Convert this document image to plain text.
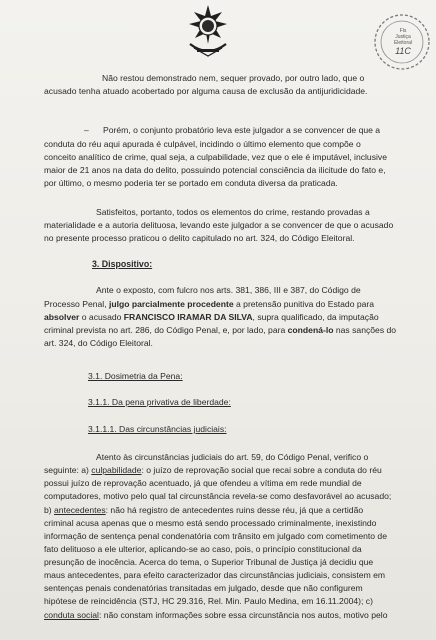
Fls
Justiça
Eleitoral
11C
Não restou demonstrado nem, sequer provado, por outro lado, que o
acusado tenha atuado acobertado por alguma causa de exclusão da antijuridicidade.
– Porém, o conjunto probatório leva este julgador a se convencer de que a
conduta do réu aqui apurada é culpável, incidindo o último elemento que compõe o
conceito analítico de crime, qual seja, a culpabilidade, vez que o ele é imputável, inclusive
maior de 21 anos na data do delito, possuindo potencial consciência da ilicitude do fato e,
por último, o mesmo poderia ter se portado em conduta diversa da praticada.
Satisfeitos, portanto, todos os elementos do crime, restando provadas a
materialidade e a autoria delituosa, levando este julgador a se convencer de que o acusado
no presente processo praticou o delito capitulado no art. 324, do Código Eleitoral.
3. Dispositivo:
Ante o exposto, com fulcro nos arts. 381, 386, III e 387, do Código de
Processo Penal, julgo parcialmente procedente a pretensão punitiva do Estado para
absolver o acusado FRANCISCO IRAMAR DA SILVA, supra qualificado, da imputação
criminal prevista no art. 286, do Código Penal, e, por lado, para condená-lo nas sanções do
art. 324, do Código Eleitoral.
3.1. Dosimetria da Pena:
3.1.1. Da pena privativa de liberdade:
3.1.1.1. Das circunstâncias judiciais:
Atento às circunstâncias judiciais do art. 59, do Código Penal, verifico o
seguinte: a) culpabilidade: o juízo de reprovação social que recai sobre a conduta do réu
possui juízo de reprovação acentuado, já que ofendeu a vítima em rede mundial de
computadores, motivo pelo qual tal circunstância revela-se como desfavorável ao acusado;
b) antecedentes: não há registro de antecedentes ruins desse réu, já que a certidão
criminal acusa apenas que o mesmo está sendo processado criminalmente, inexistindo
informação de sentença penal condenatória com trânsito em julgado com cometimento de
fato delituoso a ele ulterior, aplicando-se ao caso, pois, o princípio constitucional da
presunção de inocência. Acerca do tema, o Superior Tribunal de Justiça já decidiu que
maus antecedentes, para efeito caracterizador das circunstâncias judiciais, consistem em
sentenças penais condenatórias transitadas em julgado, desde que não configurem
hipótese de reincidência (STJ, HC 29.316, Rel. Min. Paulo Medina, em 16.11.2004); c)
conduta social: não constam informações sobre essa circunstância nos autos, motivo pelo
